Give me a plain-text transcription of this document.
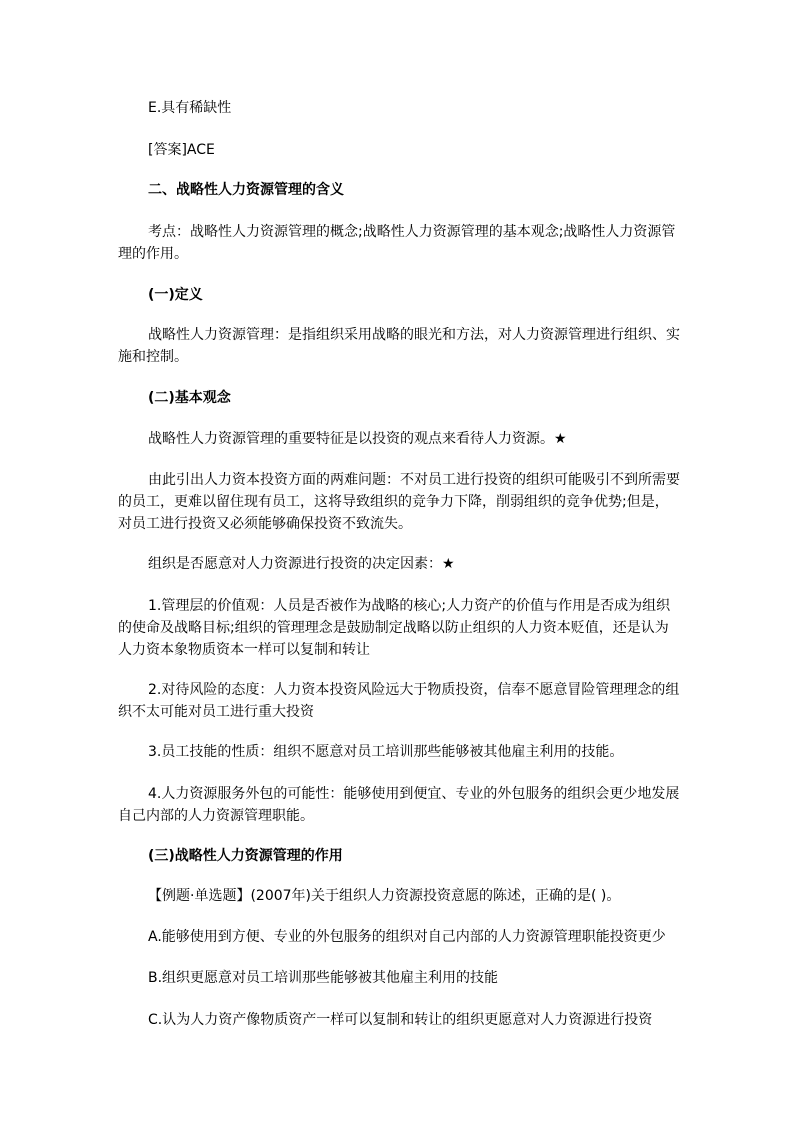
E.具有稀缺性
[答案]ACE
二、战略性人力资源管理的含义
考点：战略性人力资源管理的概念;战略性人力资源管理的基本观念;战略性人力资源管
理的作用。
(一)定义
战略性人力资源管理：是指组织采用战略的眼光和方法，对人力资源管理进行组织、实
施和控制。
(二)基本观念
战略性人力资源管理的重要特征是以投资的观点来看待人力资源。★
由此引出人力资本投资方面的两难问题：不对员工进行投资的组织可能吸引不到所需要
的员工，更难以留住现有员工，这将导致组织的竞争力下降，削弱组织的竞争优势;但是，
对员工进行投资又必须能够确保投资不致流失。
组织是否愿意对人力资源进行投资的决定因素：★
1.管理层的价值观：人员是否被作为战略的核心;人力资产的价值与作用是否成为组织
的使命及战略目标;组织的管理理念是鼓励制定战略以防止组织的人力资本贬值，还是认为
人力资本象物质资本一样可以复制和转让
2.对待风险的态度：人力资本投资风险远大于物质投资，信奉不愿意冒险管理理念的组
织不太可能对员工进行重大投资
3.员工技能的性质：组织不愿意对员工培训那些能够被其他雇主利用的技能。
4.人力资源服务外包的可能性：能够使用到便宜、专业的外包服务的组织会更少地发展
自己内部的人力资源管理职能。
(三)战略性人力资源管理的作用
【例题·单选题】(2007年)关于组织人力资源投资意愿的陈述，正确的是( )。
A.能够使用到方便、专业的外包服务的组织对自己内部的人力资源管理职能投资更少
B.组织更愿意对员工培训那些能够被其他雇主利用的技能
C.认为人力资产像物质资产一样可以复制和转让的组织更愿意对人力资源进行投资
